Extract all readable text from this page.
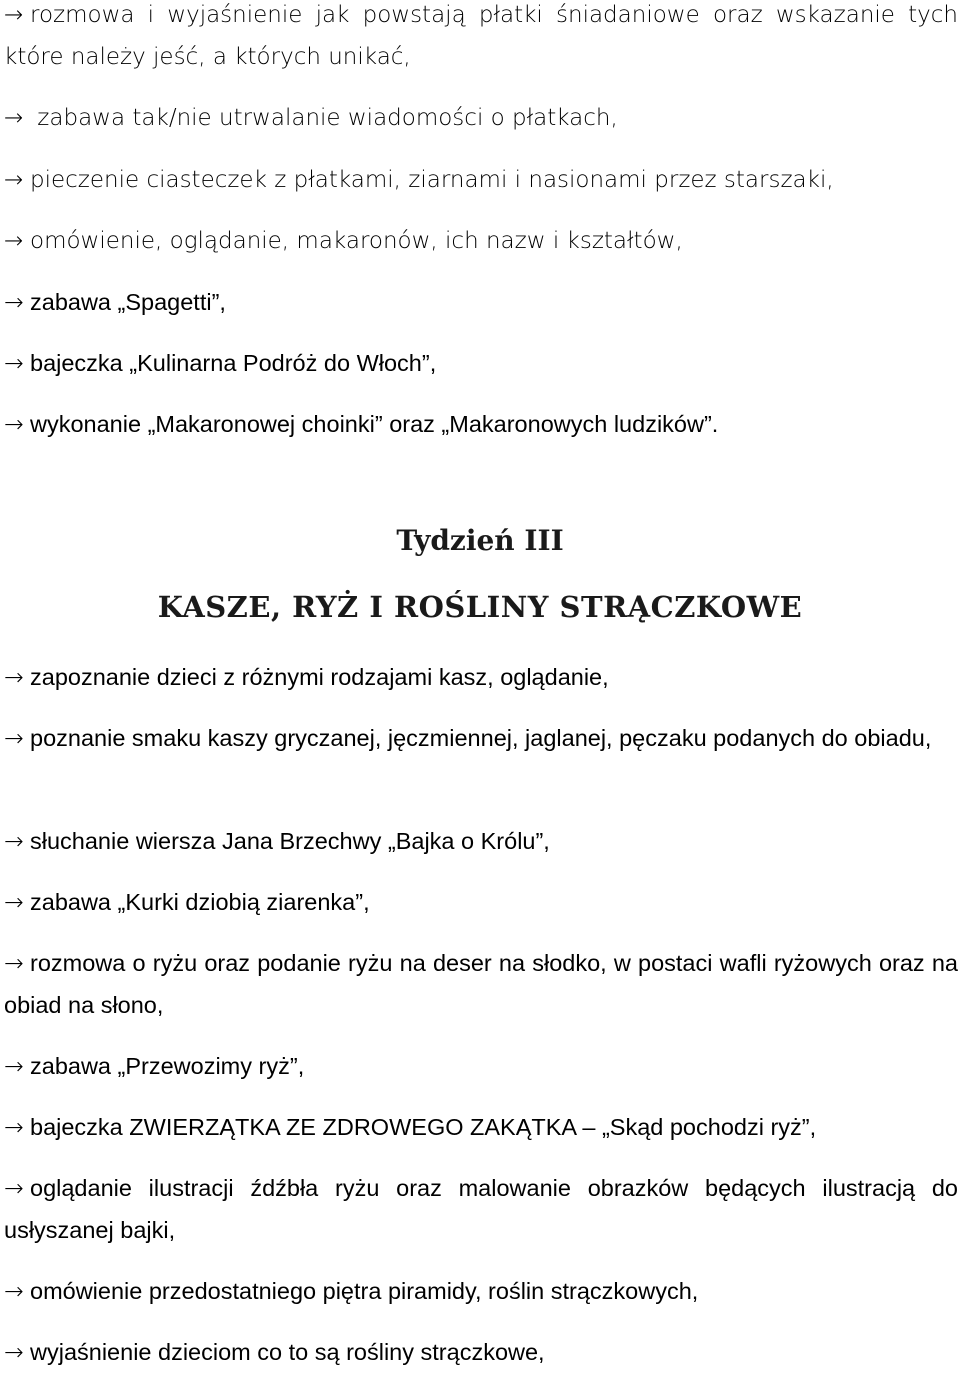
→ rozmowa i wyjaśnienie jak powstają płatki śniadaniowe oraz wskazanie tych które należy jeść, a których unikać,
→ zabawa tak/nie utrwalanie wiadomości o płatkach,
→ pieczenie ciasteczek z płatkami, ziarnami i nasionami przez starszaki,
→ omówienie, oglądanie, makaronów, ich nazw i kształtów,
→ zabawa „Spagetti”,
→ bajeczka „Kulinarna Podróż do Włoch”,
→ wykonanie „Makaronowej choinki” oraz „Makaronowych ludzików”.
Tydzień III
KASZE, RYŻ I ROŚLINY STRĄCZKOWE
→ zapoznanie dzieci z różnymi rodzajami kasz, oglądanie,
→ poznanie smaku kaszy gryczanej, jęczmiennej, jaglanej, pęczaku podanych do obiadu,
→ słuchanie wiersza Jana Brzechwy „Bajka o Królu”,
→ zabawa „Kurki dziobią ziarenka”,
→ rozmowa o ryżu oraz podanie ryżu na deser na słodko, w postaci wafli ryżowych oraz na obiad na słono,
→ zabawa „Przewozimy ryż”,
→ bajeczka ZWIERZĄTKA ZE ZDROWEGO ZAKĄTKA – „Skąd pochodzi ryż”,
→ oglądanie ilustracji źdźbła ryżu oraz malowanie obrazków będących ilustracją do usłyszanej bajki,
→ omówienie przedostatniego piętra piramidy, roślin strączkowych,
→ wyjaśnienie dzieciom co to są rośliny strączkowe,
